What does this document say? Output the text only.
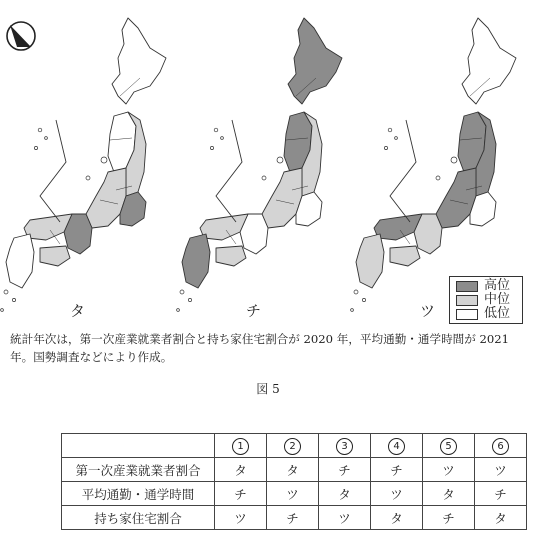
タ	チ	ツ
高位
中位
低位
統計年次は，第一次産業就業者割合と持ち家住宅割合が 2020 年，平均通勤・通学時間が 2021 年。国勢調査などにより作成。
図 5
	1	2	3	4	5	6
第一次産業就業者割合	タ	タ	チ	チ	ツ	ツ
平均通勤・通学時間	チ	ツ	タ	ツ	タ	チ
持ち家住宅割合	ツ	チ	ツ	タ	チ	タ
